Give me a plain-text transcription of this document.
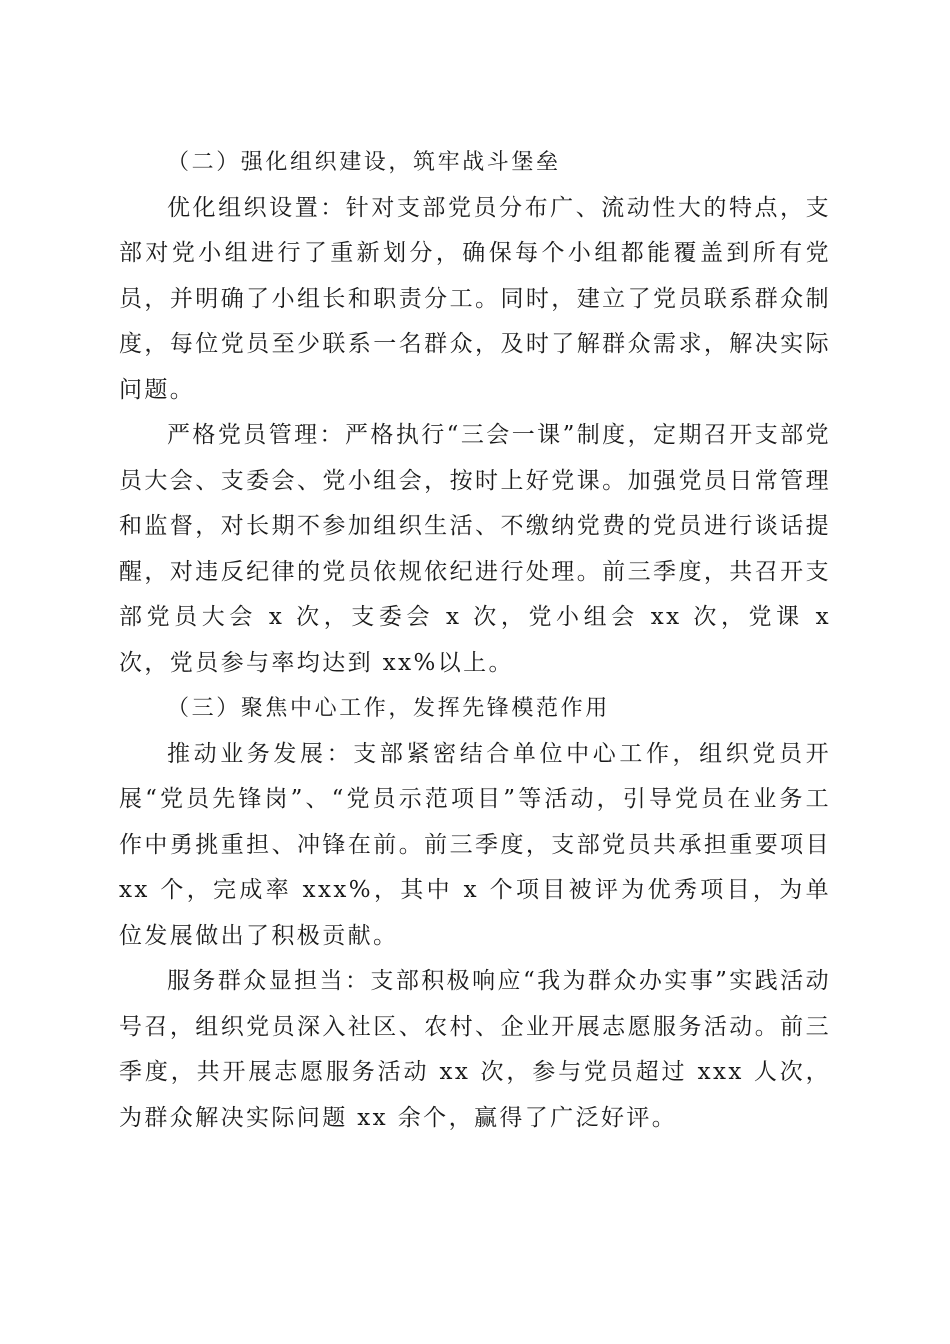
（二）强化组织建设，筑牢战斗堡垒

优化组织设置：针对支部党员分布广、流动性大的特点，支部对党小组进行了重新划分，确保每个小组都能覆盖到所有党员，并明确了小组长和职责分工。同时，建立了党员联系群众制度，每位党员至少联系一名群众，及时了解群众需求，解决实际问题。

严格党员管理：严格执行“三会一课”制度，定期召开支部党员大会、支委会、党小组会，按时上好党课。加强党员日常管理和监督，对长期不参加组织生活、不缴纳党费的党员进行谈话提醒，对违反纪律的党员依规依纪进行处理。前三季度，共召开支部党员大会 x 次，支委会 x 次，党小组会 xx 次，党课 x 次，党员参与率均达到 xx%以上。

（三）聚焦中心工作，发挥先锋模范作用

推动业务发展：支部紧密结合单位中心工作，组织党员开展“党员先锋岗”、“党员示范项目”等活动，引导党员在业务工作中勇挑重担、冲锋在前。前三季度，支部党员共承担重要项目 xx 个，完成率 xxx%，其中 x 个项目被评为优秀项目，为单位发展做出了积极贡献。

服务群众显担当：支部积极响应“我为群众办实事”实践活动号召，组织党员深入社区、农村、企业开展志愿服务活动。前三季度，共开展志愿服务活动 xx 次，参与党员超过 xxx 人次，为群众解决实际问题 xx 余个，赢得了广泛好评。
